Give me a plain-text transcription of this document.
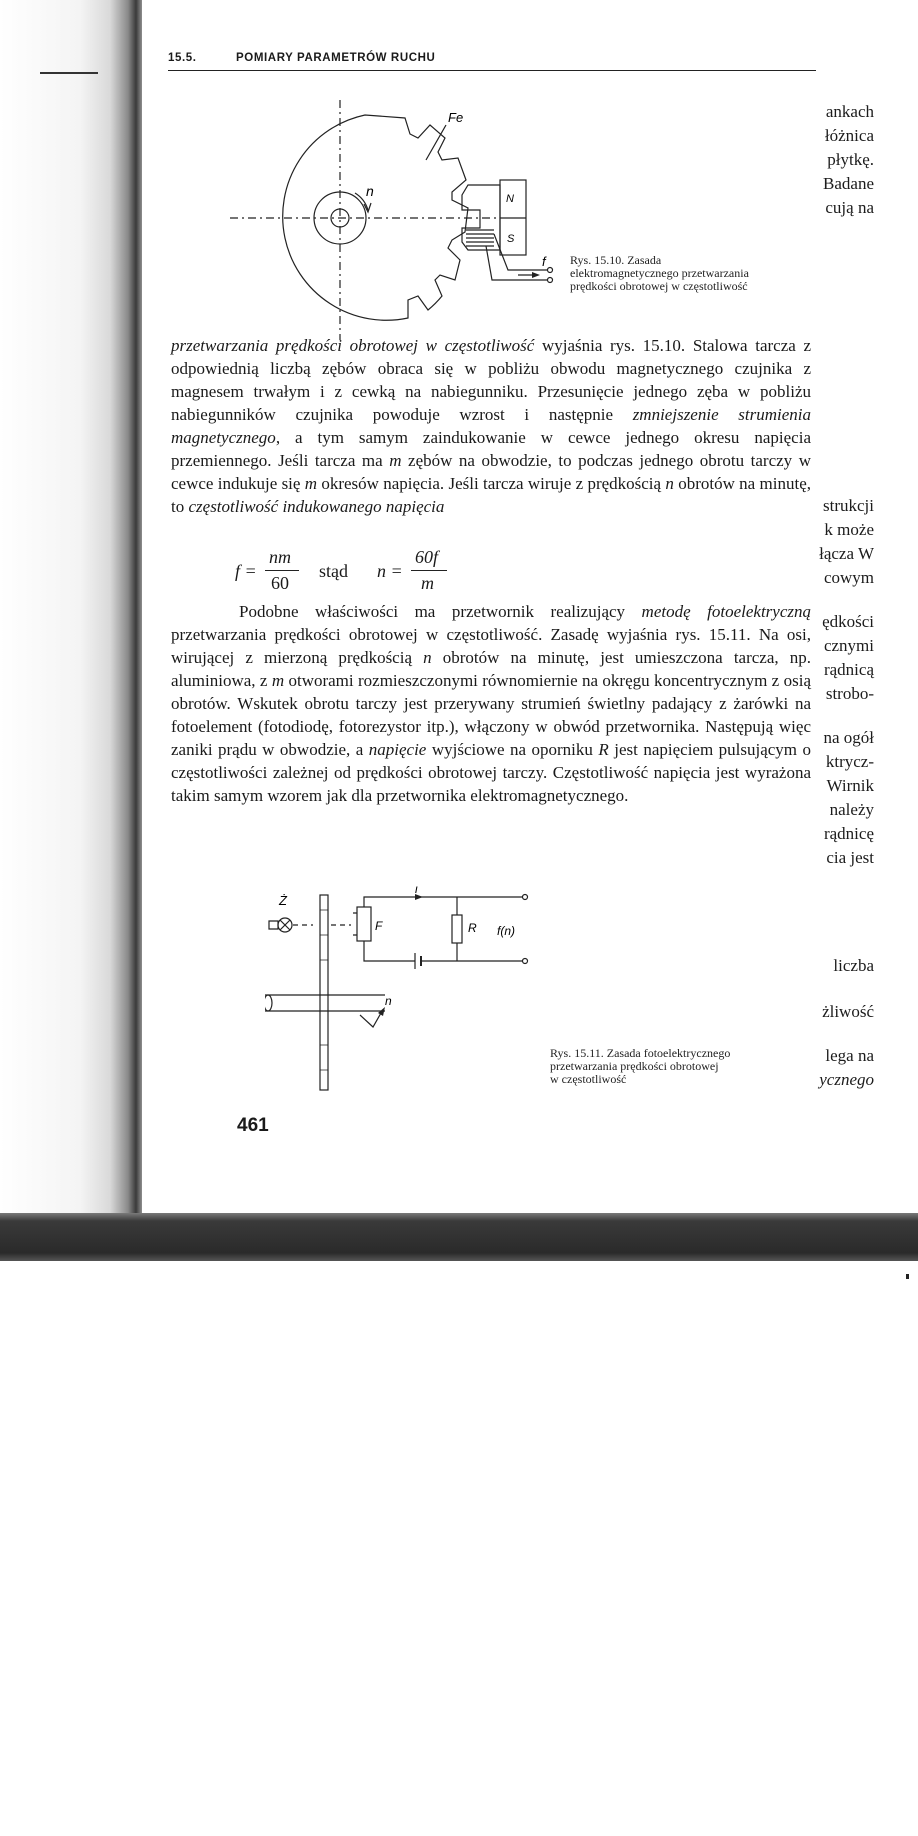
ankach
łóżnica
płytkę.
Badane
cują na
strukcji
k może
łącza W
cowym
ędkości
cznymi
rądnicą
strobo-
na ogół
ktrycz-
Wirnik
należy
rądnicę
cia jest
liczba
żliwość
lega na
ycznego
15.5.	POMIARY PARAMETRÓW RUCHU
Fe
n	N
S
f Rys. 15.10. Zasada
elektromagnetycznego przetwarzania
prędkości obrotowej w częstotliwość
przetwarzania prędkości obrotowej w częstotliwość wyjaśnia rys. 15.10. Stalowa tarcza z odpowiednią liczbą zębów obraca się w pobliżu obwodu magnetycznego czujnika z magnesem trwałym i z cewką na nabiegunniku. Przesunięcie jednego zęba w pobliżu nabiegunników czujnika powoduje wzrost i następnie zmniejszenie strumienia magnetycznego, a tym samym zaindukowanie w cewce jednego okresu napięcia przemiennego. Jeśli tarcza ma m zębów na obwodzie, to podczas jednego obrotu tarczy w cewce indukuje się m okresów napięcia. Jeśli tarcza wiruje z prędkością n obrotów na minutę, to częstotliwość indukowanego napięcia
f =
nm
60
stąd n =
60f
m
Podobne właściwości ma przetwornik realizujący metodę fotoelektryczną przetwarzania prędkości obrotowej w częstotliwość. Zasadę wyjaśnia rys. 15.11. Na osi, wirującej z mierzoną prędkością n obrotów na minutę, jest umieszczona tarcza, np. aluminiowa, z m otworami rozmieszczonymi równomiernie na okręgu koncentrycznym z osią obrotów. Wskutek obrotu tarczy jest przerywany strumień świetlny padający z żarówki na fotoelement (fotodiodę, fotorezystor itp.), włączony w obwód przetwornika. Następują więc zaniki prądu w obwodzie, a napięcie wyjściowe na oporniku R jest napięciem pulsującym o częstotliwości zależnej od prędkości obrotowej tarczy. Częstotliwość napięcia jest wyrażona takim samym wzorem jak dla przetwornika elektromagnetycznego.
Ż
i
F	R f(n)
n
Rys. 15.11. Zasada fotoelektrycznego
przetwarzania prędkości obrotowej
w częstotliwość
461
